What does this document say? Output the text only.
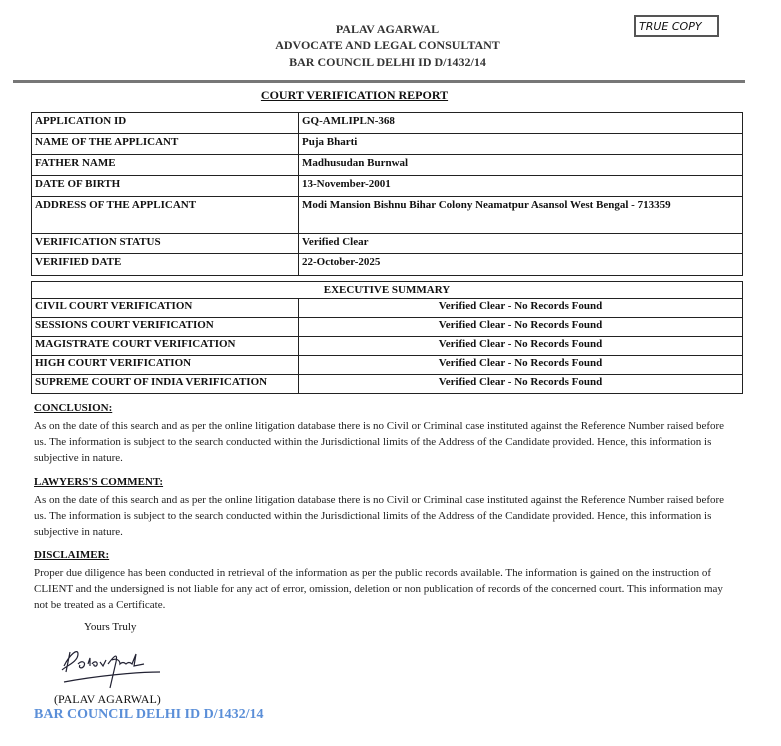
PALAV AGARWAL
ADVOCATE AND LEGAL CONSULTANT
BAR COUNCIL DELHI ID D/1432/14
TRUE COPY
COURT VERIFICATION REPORT
APPLICATION ID	GQ-AMLIPLN-368
NAME OF THE APPLICANT	Puja Bharti
FATHER NAME	Madhusudan Burnwal
DATE OF BIRTH	13-November-2001
ADDRESS OF THE APPLICANT	Modi Mansion Bishnu Bihar Colony Neamatpur Asansol West Bengal - 713359
VERIFICATION STATUS	Verified Clear
VERIFIED DATE	22-October-2025
EXECUTIVE SUMMARY	
CIVIL COURT VERIFICATION	Verified Clear - No Records Found
SESSIONS COURT VERIFICATION	Verified Clear - No Records Found
MAGISTRATE COURT VERIFICATION	Verified Clear - No Records Found
HIGH COURT VERIFICATION	Verified Clear - No Records Found
SUPREME COURT OF INDIA VERIFICATION	Verified Clear - No Records Found
CONCLUSION:

As on the date of this search and as per the online litigation database there is no Civil or Criminal case instituted against the Reference Number raised before us. The information is subject to the search conducted within the Jurisdictional limits of the Address of the Candidate provided. Hence, this information is subjective in nature.

LAWYERS'S COMMENT:

As on the date of this search and as per the online litigation database there is no Civil or Criminal case instituted against the Reference Number raised before us. The information is subject to the search conducted within the Jurisdictional limits of the Address of the Candidate provided. Hence, this information is subjective in nature.

DISCLAIMER:

Proper due diligence has been conducted in retrieval of the information as per the public records available. The information is gained on the instruction of CLIENT and the undersigned is not liable for any act of error, omission, deletion or non publication of records of the concerned court. This information may not be treated as a Certificate.

Yours Truly
(PALAV AGARWAL)
BAR COUNCIL DELHI ID D/1432/14
